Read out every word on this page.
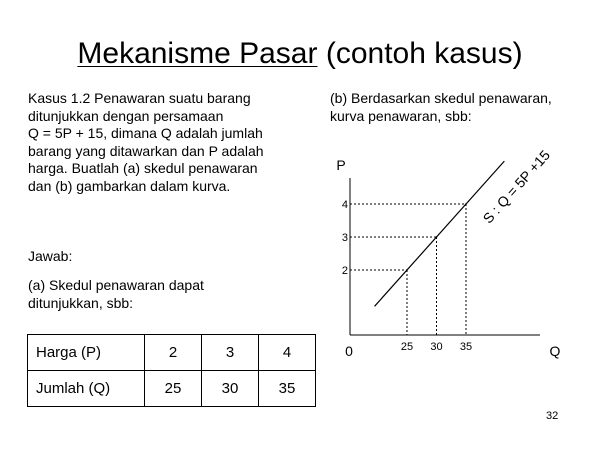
Mekanisme Pasar (contoh kasus)
Kasus 1.2 Penawaran suatu barang
ditunjukkan dengan persamaan
Q = 5P + 15, dimana Q adalah jumlah
barang yang ditawarkan dan P adalah
harga. Buatlah (a) skedul penawaran
dan (b) gambarkan dalam kurva.
Jawab:
(a) Skedul penawaran dapat
ditunjukkan, sbb:
Harga (P)	2	3	4
Jumlah (Q)	25	30	35
(b) Berdasarkan skedul penawaran,
kurva penawaran, sbb:
P
Q
0	25
2
30
3
35
4	S : Q = 5P +15
32
